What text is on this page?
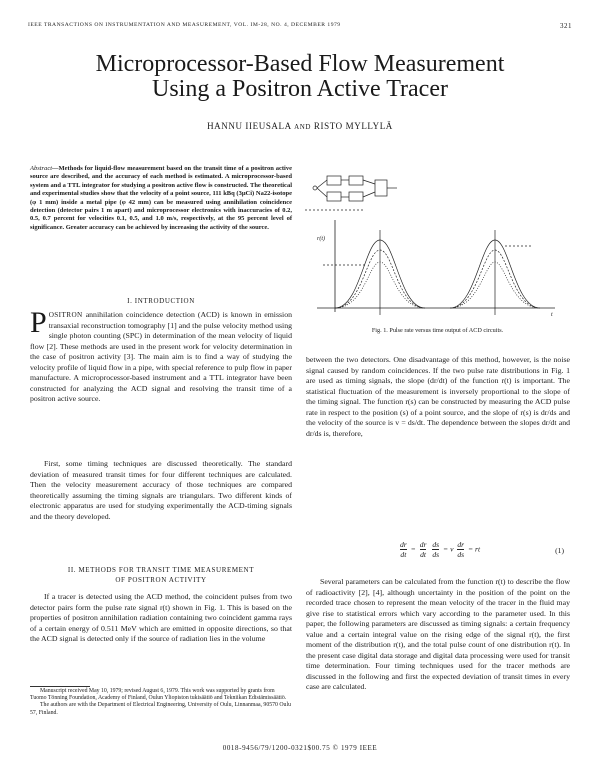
IEEE TRANSACTIONS ON INSTRUMENTATION AND MEASUREMENT, VOL. IM-28, NO. 4, DECEMBER 1979	321
Microprocessor-Based Flow Measurement
Using a Positron Active Tracer
HANNU IIEUSALA AND RISTO MYLLYLÄ
Abstract—Methods for liquid-flow measurement based on the transit time of a positron active source are described, and the accuracy of each method is estimated. A microprocessor-based system and a TTL integrator for studying a positron active flow is constructed. The theoretical and experimental studies show that the velocity of a point source, 111 kBq (3μCi) Na22-isotope (φ 1 mm) inside a metal pipe (φ 42 mm) can be measured using annihilation coincidence detection (detector pairs 1 m apart) and microprocessor electronics with inaccuracies of 0.2, 0.5, 0.7 percent for velocities 0.1, 0.5, and 1.0 m/s, respectively, at the 95 percent level of significance. Greater accuracy can be achieved by increasing the activity of the source.
I. INTRODUCTION
POSITRON annihilation coincidence detection (ACD) is known in emission transaxial reconstruction tomography [1] and the pulse velocity method using single photon counting (SPC) in determination of the mean velocity of liquid flow [2]. These methods are used in the present work for velocity determination in the case of positron activity [3]. The main aim is to find a way of studying the velocity profile of liquid flow in a pipe, with special reference to pulp flow in paper manufacture. A microprocessor-based instrument and a TTL integrator have been constructed for analyzing the ACD signal and resolving the transit time of a positron active source.

First, some timing techniques are discussed theoretically. The standard deviation of measured transit times for four different techniques are calculated. Then the velocity measurement accuracy of those techniques are compared theoretically assuming the timing signals are triangulars. Two different kinds of electronic apparatus are used for studying experimentally the ACD-timing signals and the theory developed.

II. METHODS FOR TRANSIT TIME MEASUREMENT
OF POSITRON ACTIVITY

If a tracer is detected using the ACD method, the coincident pulses from two detector pairs form the pulse rate signal r(t) shown in Fig. 1. This is based on the properties of positron annihilation radiation containing two coincident gamma rays of a certain energy of 0.511 MeV which are emitted in opposite directions, so that the ACD signal is detected only if the source of radiation lies in the volume

Manuscript received May 10, 1979; revised August 6, 1979. This work was supported by grants from Tuomo Tönning Foundation, Academy of Finland, Oulun Yliopiston tukisäätiö and Tekniikan Edistämissäätiö.

The authors are with the Department of Electrical Engineering, University of Oulu, Linnanmaa, 90570 Oulu 57, Finland.

r(t)
t
Fig. 1. Pulse rate versus time output of ACD circuits.

between the two detectors. One disadvantage of this method, however, is the noise signal caused by random coincidences. If the two pulse rate distributions in Fig. 1 are used as timing signals, the slope (dr/dt) of the function r(t) is important. The statistical fluctuation of the measurement is inversely proportional to the slope of the timing signal. The function r(s) can be constructed by measuring the ACD pulse rate in respect to the position (s) of a point source, and the slope of r(s) is dr/ds and the velocity of the source is v = ds/dt. The dependence between the slopes dr/dt and dr/ds is, therefore,

$\frac{dr}{dt} = \frac{dr}{dt}$
$\frac{ds}{ds} = v \frac{dr}{ds}$ = rt	(1)

Several parameters can be calculated from the function r(t) to describe the flow of radioactivity [2], [4], although uncertainty in the position of the point on the recorded trace chosen to represent the mean velocity of the tracer in the fluid may give rise to statistical errors which vary according to the parameter used. In this paper, the following parameters are discussed as timing signals: a certain frequency value and a certain integral value on the rising edge of the signal r(t), the first moment of the distribution r(t), and the total pulse count of one distribution r(t). In the present case digital data storage and digital data processing were used for transit time determination. Four timing techniques used for the tracer methods are discussed in the following and first the expected deviation of transit times in every case are calculated.

0018-9456/79/1200-0321$00.75 © 1979 IEEE
